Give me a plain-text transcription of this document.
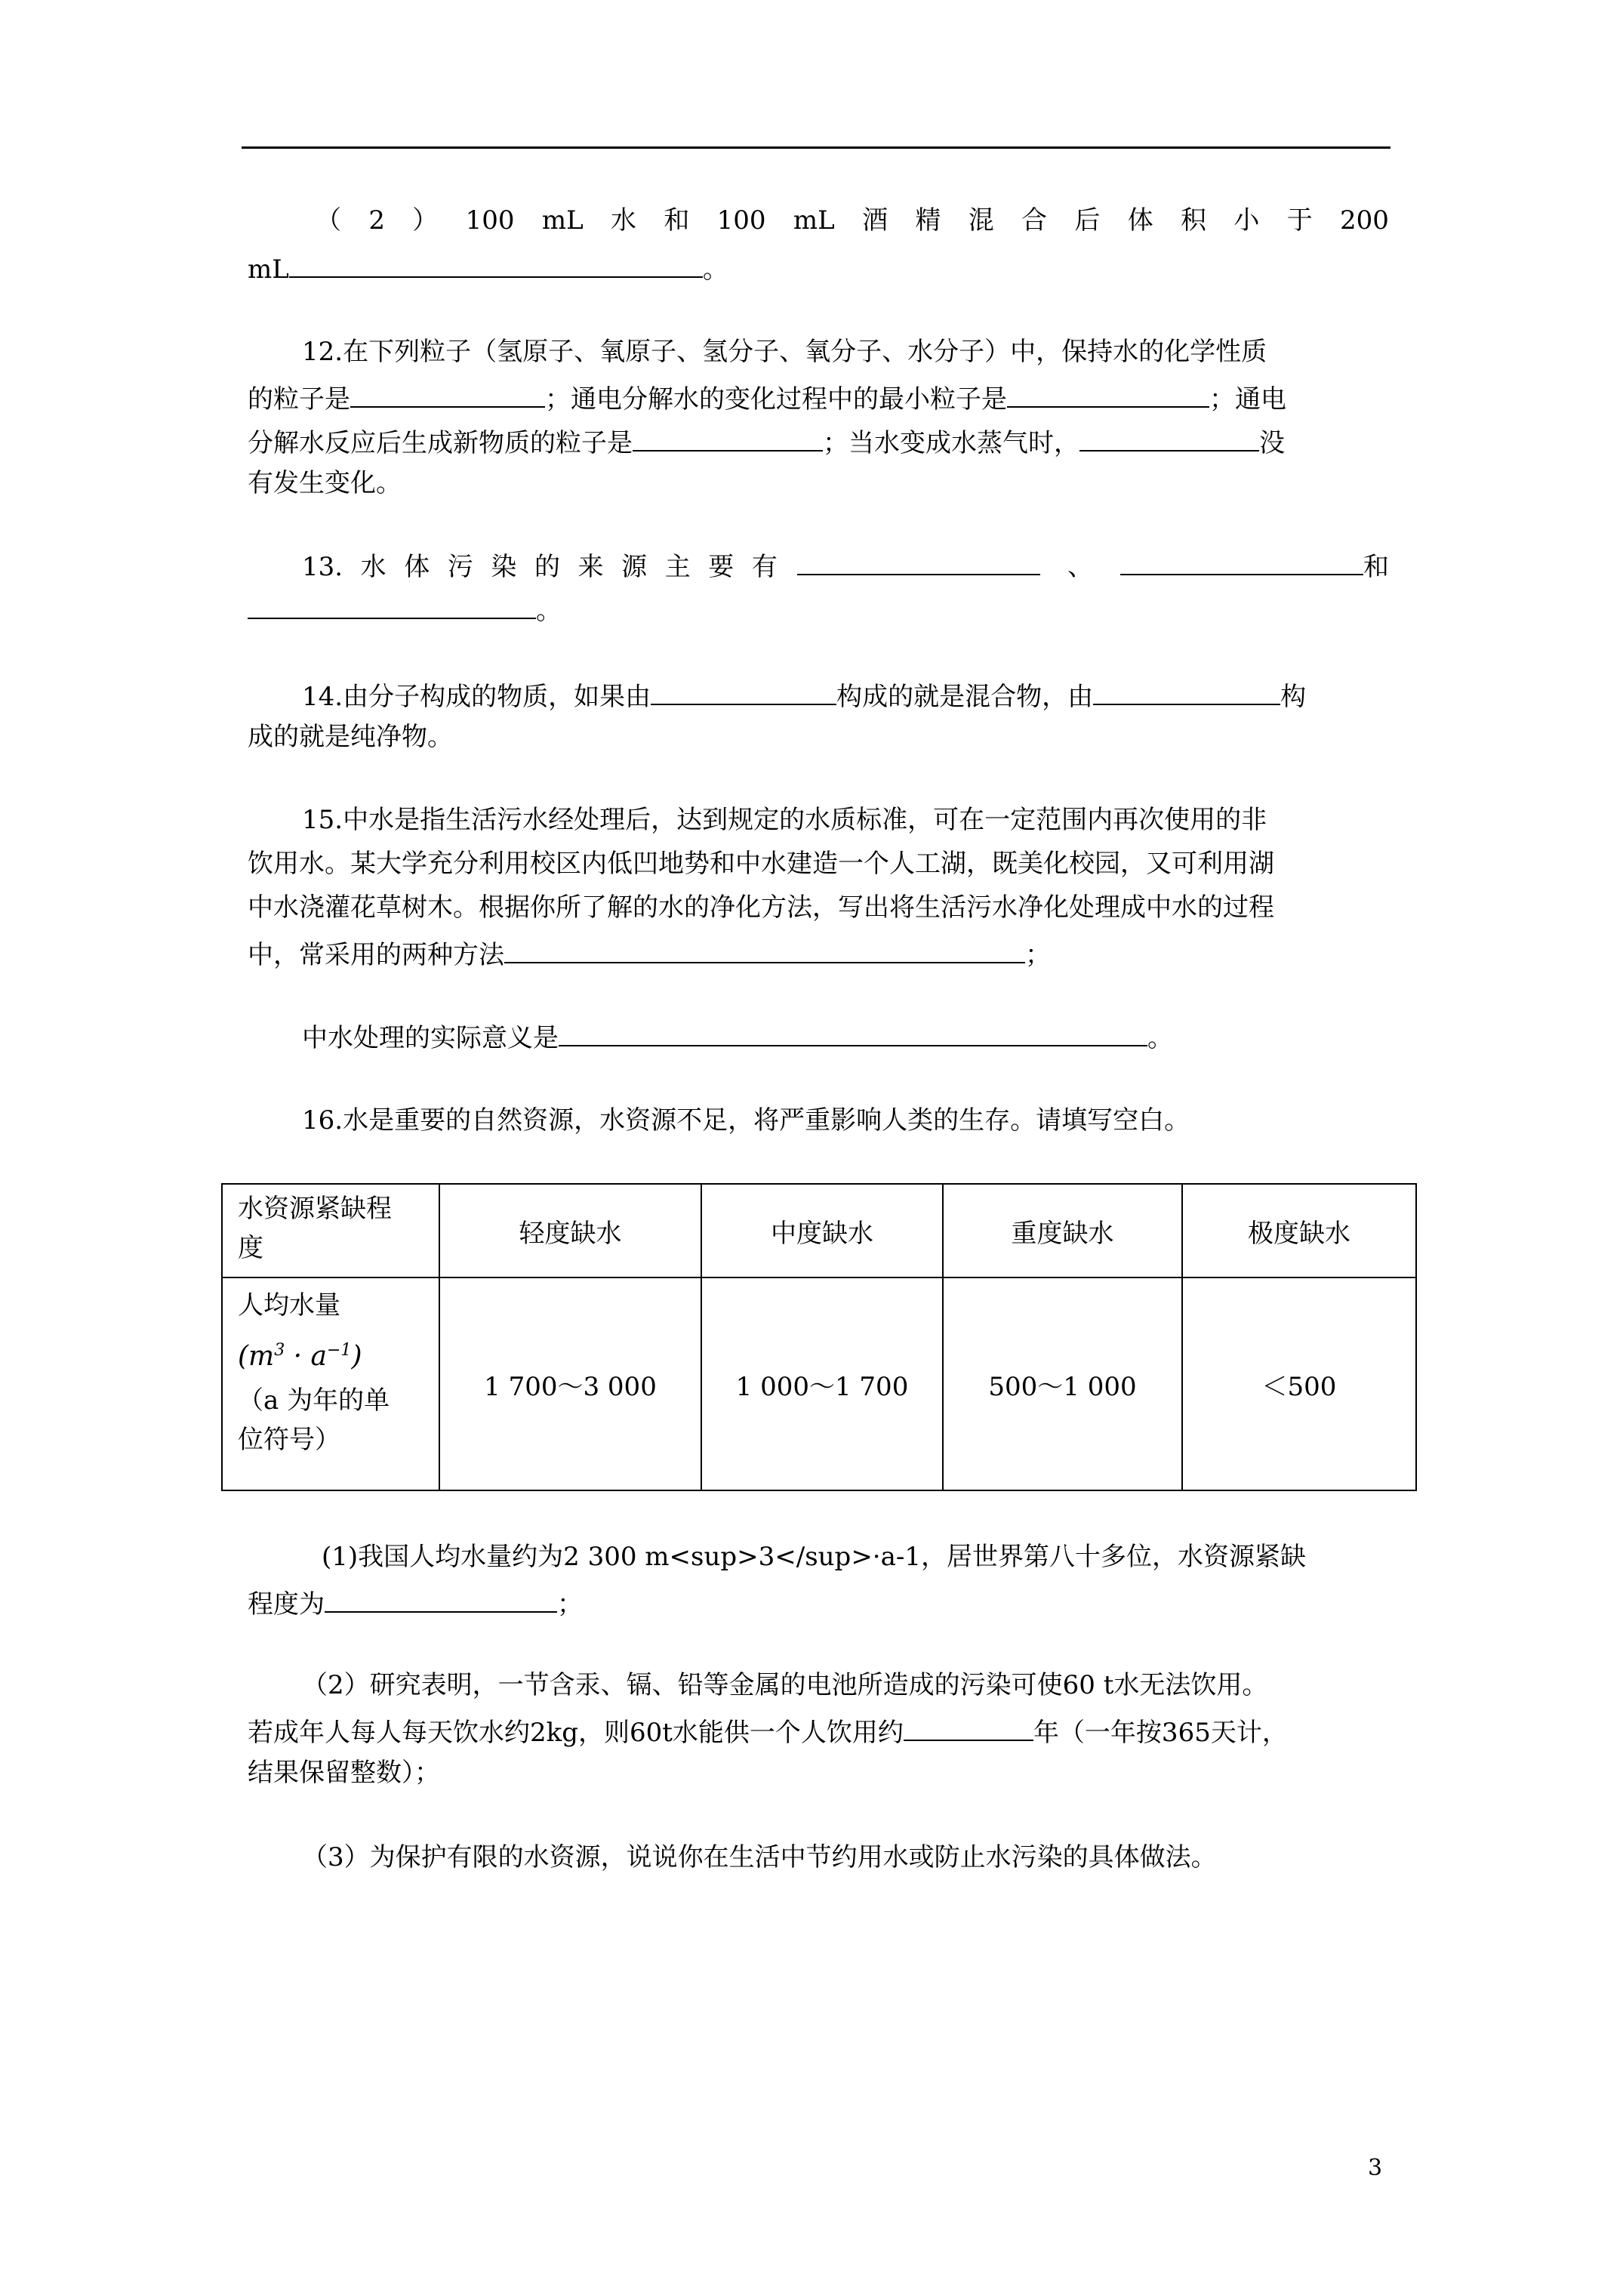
（ 2 ） 100 mL 水 和 100 mL 酒 精 混 合 后 体 积 小 于 200
mL	。
12.在下列粒子（氢原子、氧原子、氢分子、氧分子、水分子）中，保持水的化学性质
的粒子是	；通电分解水的变化过程中的最小粒子是	；通电
分解水反应后生成新物质的粒子是	；当水变成水蒸气时，	没
有发生变化。
13. 水 体 污 染 的 来 源 主 要 有	、	和
。
14.由分子构成的物质，如果由	构成的就是混合物，由	构
成的就是纯净物。
15.中水是指生活污水经处理后，达到规定的水质标准，可在一定范围内再次使用的非
饮用水。某大学充分利用校区内低凹地势和中水建造一个人工湖，既美化校园，又可利用湖
中水浇灌花草树木。根据你所了解的水的净化方法，写出将生活污水净化处理成中水的过程
中，常采用的两种方法	；
中水处理的实际意义是	。
16.水是重要的自然资源，水资源不足，将严重影响人类的生存。请填写空白。
水资源紧缺程
度	轻度缺水	中度缺水	重度缺水	极度缺水

人均水量
$(m^3 \cdot a^{-1})$
（a 为年的单
位符号）	1 700～3 000	1 000～1 700	500～1 000	＜500
(1)我国人均水量约为2 300 m<sup>3</sup>·a-1，居世界第八十多位，水资源紧缺
程度为	；
（2）研究表明，一节含汞、镉、铅等金属的电池所造成的污染可使60 t水无法饮用。
若成年人每人每天饮水约2kg，则60t水能供一个人饮用约	年（一年按365天计，
结果保留整数）；
（3）为保护有限的水资源，说说你在生活中节约用水或防止水污染的具体做法。
3
